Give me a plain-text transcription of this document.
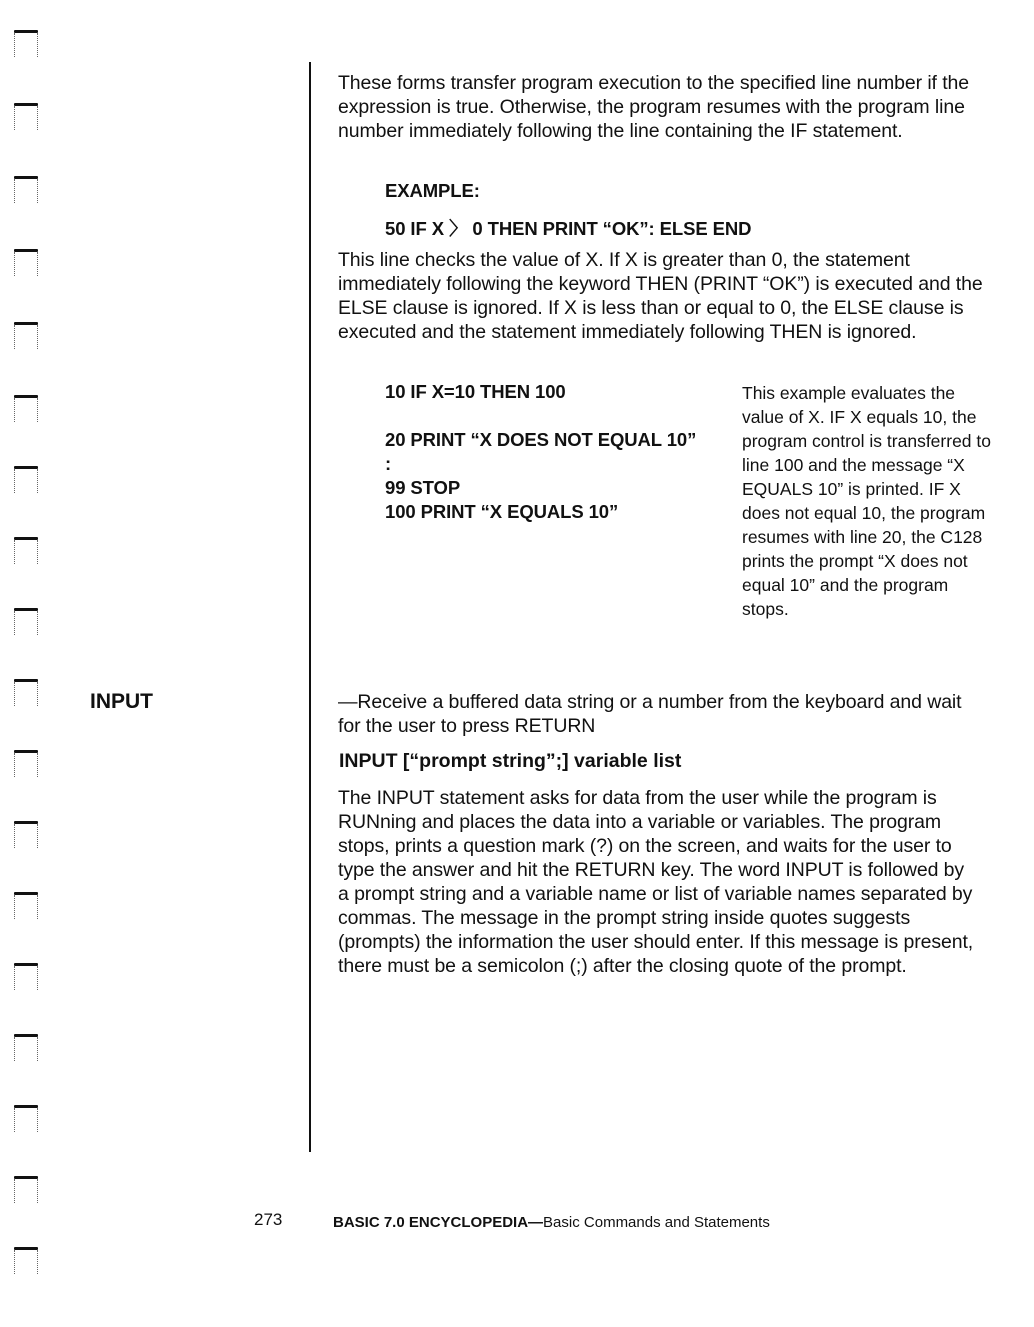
These forms transfer program execution to the specified line number if the expression is true. Otherwise, the program resumes with the program line number immediately following the line containing the IF statement.

EXAMPLE:

50 IF X 〉 0 THEN PRINT “OK”: ELSE END

This line checks the value of X. If X is greater than 0, the statement immediately following the keyword THEN (PRINT “OK”) is executed and the ELSE clause is ignored. If X is less than or equal to 0, the ELSE clause is executed and the statement immediately following THEN is ignored.

10 IF X=10 THEN 100

20 PRINT “X DOES NOT EQUAL 10”

:

99 STOP

100 PRINT “X EQUALS 10”

This example evaluates the value of X. IF X equals 10, the program control is transferred to line 100 and the message “X EQUALS 10” is printed. IF X does not equal 10, the program resumes with line 20, the C128 prints the prompt “X does not equal 10” and the program stops.

INPUT	—Receive a buffered data string or a number from the keyboard and wait for the user to press RETURN

INPUT [“prompt string”;] variable list

The INPUT statement asks for data from the user while the program is RUNning and places the data into a variable or variables. The program stops, prints a question mark (?) on the screen, and waits for the user to type the answer and hit the RETURN key. The word INPUT is followed by a prompt string and a variable name or list of variable names separated by commas. The message in the prompt string inside quotes suggests (prompts) the information the user should enter. If this message is present, there must be a semicolon (;) after the closing quote of the prompt.

273	BASIC 7.0 ENCYCLOPEDIA—Basic Commands and Statements
